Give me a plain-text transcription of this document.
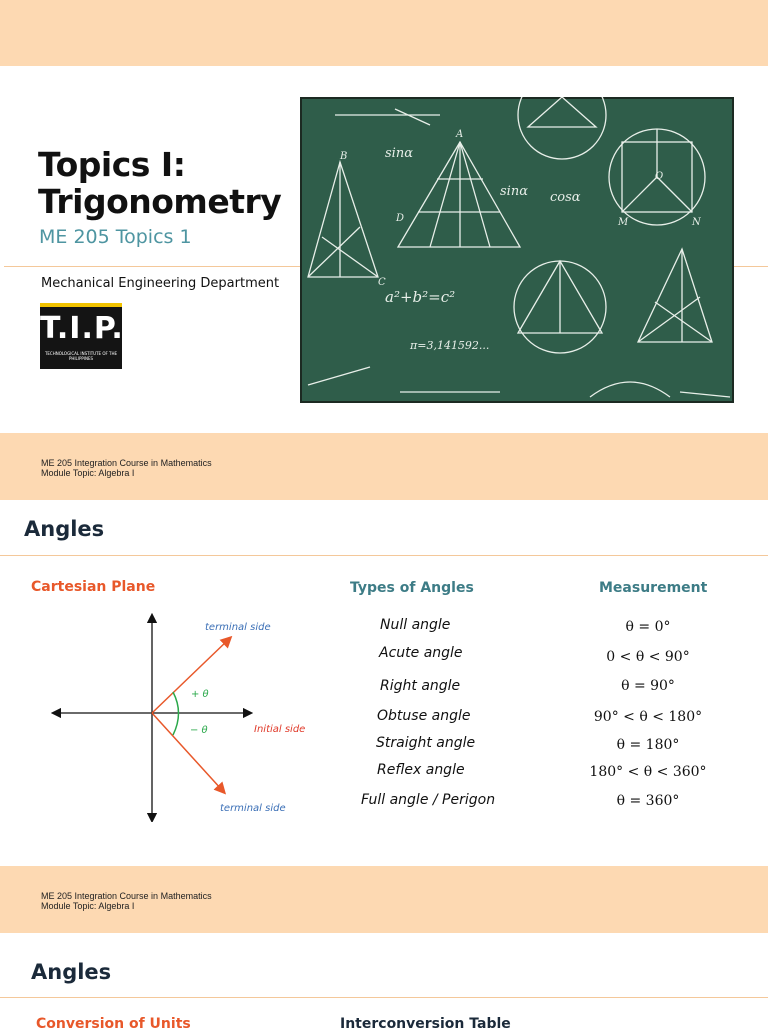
Topics I:
Trigonometry
ME 205 Topics 1
Mechanical Engineering Department
T.I.P.
TECHNOLOGICAL INSTITUTE OF THE PHILIPPINES
sinα
sinα cosα
a²+b²=c²
π=3,141592...
A
B
C
D
O
M	N
ME 205 Integration Course in Mathematics
Module Topic: Algebra I
Angles
Cartesian Plane	Types of Angles	Measurement
terminal side
terminal side
Initial side
+ θ
− θ
Null angle	θ = 0°
Acute angle	0 < θ < 90°
Right angle	θ = 90°
Obtuse angle	90° < θ < 180°
Straight angle	θ = 180°
Reflex angle	180° < θ < 360°
Full angle / Perigon	θ = 360°
ME 205 Integration Course in Mathematics
Module Topic: Algebra I
Angles
Conversion of Units	Interconversion Table
